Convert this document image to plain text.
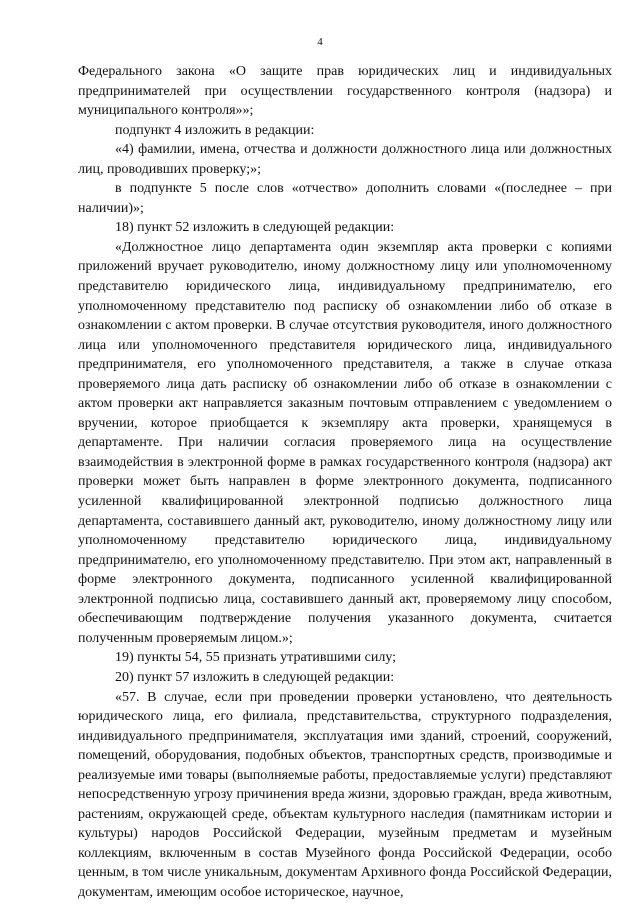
4

Федерального закона «О защите прав юридических лиц и индивидуальных предпринимателей при осуществлении государственного контроля (надзора) и муниципального контроля»»;

подпункт 4 изложить в редакции:

«4) фамилии, имена, отчества и должности должностного лица или должностных лиц, проводивших проверку;»;

в подпункте 5 после слов «отчество» дополнить словами «(последнее – при наличии)»;

18) пункт 52 изложить в следующей редакции:

«Должностное лицо департамента один экземпляр акта проверки с копиями приложений вручает руководителю, иному должностному лицу или уполномоченному представителю юридического лица, индивидуальному предпринимателю, его уполномоченному представителю под расписку об ознакомлении либо об отказе в ознакомлении с актом проверки. В случае отсутствия руководителя, иного должностного лица или уполномоченного представителя юридического лица, индивидуального предпринимателя, его уполномоченного представителя, а также в случае отказа проверяемого лица дать расписку об ознакомлении либо об отказе в ознакомлении с актом проверки акт направляется заказным почтовым отправлением с уведомлением о вручении, которое приобщается к экземпляру акта проверки, хранящемуся в департаменте. При наличии согласия проверяемого лица на осуществление взаимодействия в электронной форме в рамках государственного контроля (надзора) акт проверки может быть направлен в форме электронного документа, подписанного усиленной квалифицированной электронной подписью должностного лица департамента, составившего данный акт, руководителю, иному должностному лицу или уполномоченному представителю юридического лица, индивидуальному предпринимателю, его уполномоченному представителю. При этом акт, направленный в форме электронного документа, подписанного усиленной квалифицированной электронной подписью лица, составившего данный акт, проверяемому лицу способом, обеспечивающим подтверждение получения указанного документа, считается полученным проверяемым лицом.»;

19) пункты 54, 55 признать утратившими силу;

20) пункт 57 изложить в следующей редакции:

«57. В случае, если при проведении проверки установлено, что деятельность юридического лица, его филиала, представительства, структурного подразделения, индивидуального предпринимателя, эксплуатация ими зданий, строений, сооружений, помещений, оборудования, подобных объектов, транспортных средств, производимые и реализуемые ими товары (выполняемые работы, предоставляемые услуги) представляют непосредственную угрозу причинения вреда жизни, здоровью граждан, вреда животным, растениям, окружающей среде, объектам культурного наследия (памятникам истории и культуры) народов Российской Федерации, музейным предметам и музейным коллекциям, включенным в состав Музейного фонда Российской Федерации, особо ценным, в том числе уникальным, документам Архивного фонда Российской Федерации, документам, имеющим особое историческое, научное,
